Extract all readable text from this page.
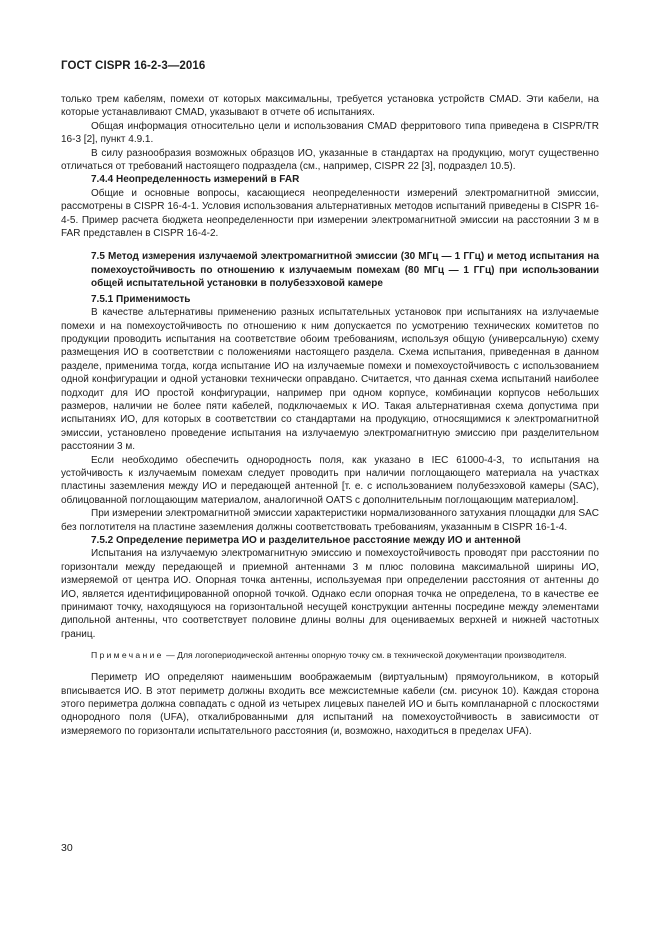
ГОСТ CISPR 16-2-3—2016

только трем кабелям, помехи от которых максимальны, требуется установка устройств CMAD. Эти кабели, на которые устанавливают CMAD, указывают в отчете об испытаниях.

Общая информация относительно цели и использования CMAD ферритового типа приведена в CISPR/TR 16-3 [2], пункт 4.9.1.

В силу разнообразия возможных образцов ИО, указанные в стандартах на продукцию, могут существенно отличаться от требований настоящего подраздела (см., например, CISPR 22 [3], подраздел 10.5).

7.4.4 Неопределенность измерений в FAR

Общие и основные вопросы, касающиеся неопределенности измерений электромагнитной эмиссии, рассмотрены в CISPR 16-4-1. Условия использования альтернативных методов испытаний приведены в CISPR 16-4-5. Пример расчета бюджета неопределенности при измерении электромагнитной эмиссии на расстоянии 3 м в FAR представлен в CISPR 16-4-2.

7.5 Метод измерения излучаемой электромагнитной эмиссии (30 МГц — 1 ГГц) и метод испытания на помехоустойчивость по отношению к излучаемым помехам (80 МГц — 1 ГГц) при использовании общей испытательной установки в полубезэховой камере

7.5.1 Применимость

В качестве альтернативы применению разных испытательных установок при испытаниях на излучаемые помехи и на помехоустойчивость по отношению к ним допускается по усмотрению технических комитетов по продукции проводить испытания на соответствие обоим требованиям, используя общую (универсальную) схему размещения ИО в соответствии с положениями настоящего раздела. Схема испытания, приведенная в данном разделе, применима тогда, когда испытание ИО на излучаемые помехи и помехоустойчивость с использованием одной конфигурации и одной установки технически оправдано. Считается, что данная схема испытаний наиболее подходит для ИО простой конфигурации, например при одном корпусе, комбинации корпусов небольших размеров, наличии не более пяти кабелей, подключаемых к ИО. Такая альтернативная схема допустима при испытаниях ИО, для которых в соответствии со стандартами на продукцию, относящимися к электромагнитной эмиссии, установлено проведение испытания на излучаемую электромагнитную эмиссию при разделительном расстоянии 3 м.

Если необходимо обеспечить однородность поля, как указано в IEC 61000-4-3, то испытания на устойчивость к излучаемым помехам следует проводить при наличии поглощающего материала на участках пластины заземления между ИО и передающей антенной [т. е. с использованием полубезэховой камеры (SAC), облицованной поглощающим материалом, аналогичной OATS с дополнительным поглощающим материалом].

При измерении электромагнитной эмиссии характеристики нормализованного затухания площадки для SAC без поглотителя на пластине заземления должны соответствовать требованиям, указанным в CISPR 16-1-4.

7.5.2 Определение периметра ИО и разделительное расстояние между ИО и антенной

Испытания на излучаемую электромагнитную эмиссию и помехоустойчивость проводят при расстоянии по горизонтали между передающей и приемной антеннами 3 м плюс половина максимальной ширины ИО, измеряемой от центра ИО. Опорная точка антенны, используемая при определении расстояния от антенны до ИО, является идентифицированной опорной точкой. Однако если опорная точка не определена, то в качестве ее принимают точку, находящуюся на горизонтальной несущей конструкции антенны посредине между элементами дипольной антенны, что соответствует половине длины волны для оцениваемых верхней и нижней частотных границ.

Примечание — Для логопериодической антенны опорную точку см. в технической документации производителя.

Периметр ИО определяют наименьшим воображаемым (виртуальным) прямоугольником, в который вписывается ИО. В этот периметр должны входить все межсистемные кабели (см. рисунок 10). Каждая сторона этого периметра должна совпадать с одной из четырех лицевых панелей ИО и быть компланарной с плоскостями однородного поля (UFA), откалиброванными для испытаний на помехоустойчивость в зависимости от измеряемого по горизонтали испытательного расстояния (и, возможно, находиться в пределах UFA).

30
